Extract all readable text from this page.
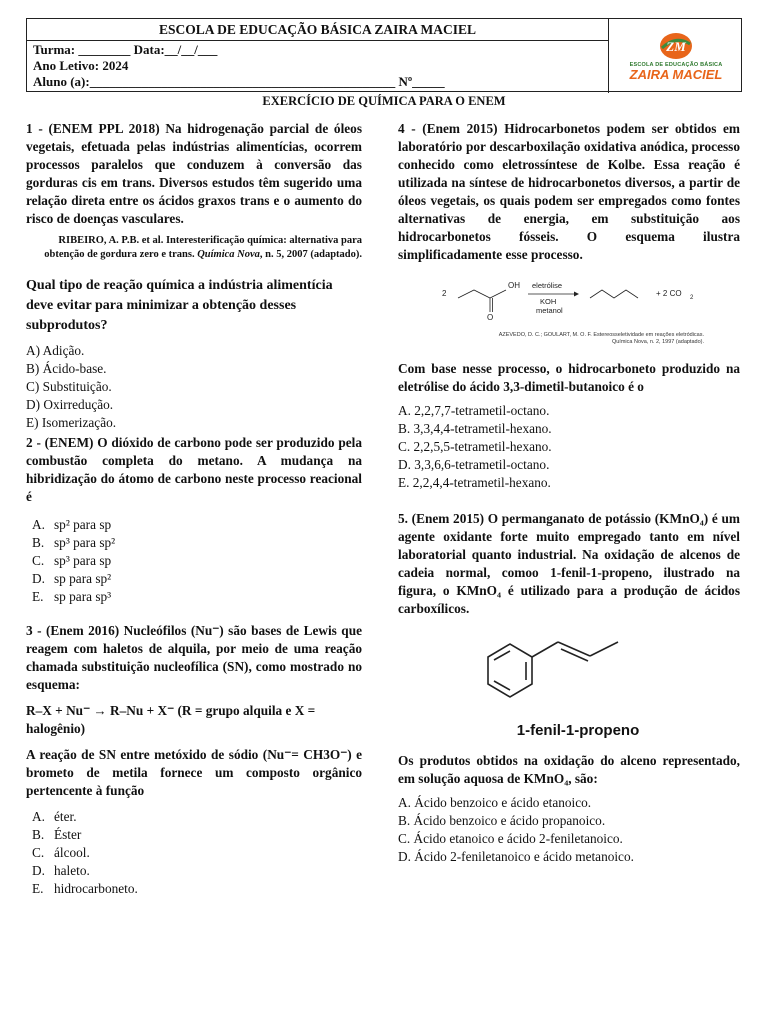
ESCOLA DE EDUCAÇÃO BÁSICA ZAIRA MACIEL
Turma: ________ Data:__/__/___
Ano Letivo: 2024
Aluno (a):_______________________________________________ Nº_____
ZM
ESCOLA DE EDUCAÇÃO BÁSICA
ZAIRA MACIEL
EXERCÍCIO DE QUÍMICA PARA O ENEM

1 - (ENEM PPL 2018) Na hidrogenação parcial de óleos vegetais, efetuada pelas indústrias alimentícias, ocorrem processos paralelos que conduzem à conversão das gorduras cis em trans. Diversos estudos têm sugerido uma relação direta entre os ácidos graxos trans e o aumento do risco de doenças vasculares.

RIBEIRO, A. P.B. et al. Interesterificação química: alternativa para obtenção de gordura zero e trans. Química Nova, n. 5, 2007 (adaptado).

Qual tipo de reação química a indústria alimentícia deve evitar para minimizar a obtenção desses subprodutos?

A) Adição.
B) Ácido-base.
C) Substituição.
D) Oxirredução.
E) Isomerização.

2 - (ENEM) O dióxido de carbono pode ser produzido pela combustão completa do metano. A mudança na hibridização do átomo de carbono neste processo reacional é

A. sp² para sp
B. sp³ para sp²
C. sp³ para sp
D. sp para sp²
E. sp para sp³

3 - (Enem 2016) Nucleófilos (Nu⁻) são bases de Lewis que reagem com haletos de alquila, por meio de uma reação chamada substituição nucleofílica (SN), como mostrado no esquema:

R–X + Nu⁻ → R–Nu + X⁻ (R = grupo alquila e X = halogênio)

A reação de SN entre metóxido de sódio (Nu⁻= CH3O⁻) e brometo de metila fornece um composto orgânico pertencente à função

A. éter.
B. Éster
C. álcool.
D. haleto.
E. hidrocarboneto.

4 - (Enem 2015) Hidrocarbonetos podem ser obtidos em laboratório por descarboxilação oxidativa anódica, processo conhecido como eletrossíntese de Kolbe. Essa reação é utilizada na síntese de hidrocarbonetos diversos, a partir de óleos vegetais, os quais podem ser empregados como fontes alternativas de energia, em substituição aos hidrocarbonetos fósseis. O esquema ilustra simplificadamente esse processo.

2
OH
O
eletrólise
KOH
metanol
+ 2 CO 2
AZEVEDO, D. C.; GOULART, M. O. F. Estereosseletividade em reações eletródicas.
Química Nova, n. 2, 1997 (adaptado).

Com base nesse processo, o hidrocarboneto produzido na eletrólise do ácido 3,3-dimetil-butanoico é o

A. 2,2,7,7-tetrametil-octano.
B. 3,3,4,4-tetrametil-hexano.
C. 2,2,5,5-tetrametil-hexano.
D. 3,3,6,6-tetrametil-octano.
E. 2,2,4,4-tetrametil-hexano.

5. (Enem 2015) O permanganato de potássio (KMnO₄) é um agente oxidante forte muito empregado tanto em nível laboratorial quanto industrial. Na oxidação de alcenos de cadeia normal, comoo 1-fenil-1-propeno, ilustrado na figura, o KMnO₄ é utilizado para a produção de ácidos carboxílicos.

1-fenil-1-propeno

Os produtos obtidos na oxidação do alceno representado, em solução aquosa de KMnO₄, são:

A. Ácido benzoico e ácido etanoico.
B. Ácido benzoico e ácido propanoico.
C. Ácido etanoico e ácido 2-feniletanoico.
D. Ácido 2-feniletanoico e ácido metanoico.
